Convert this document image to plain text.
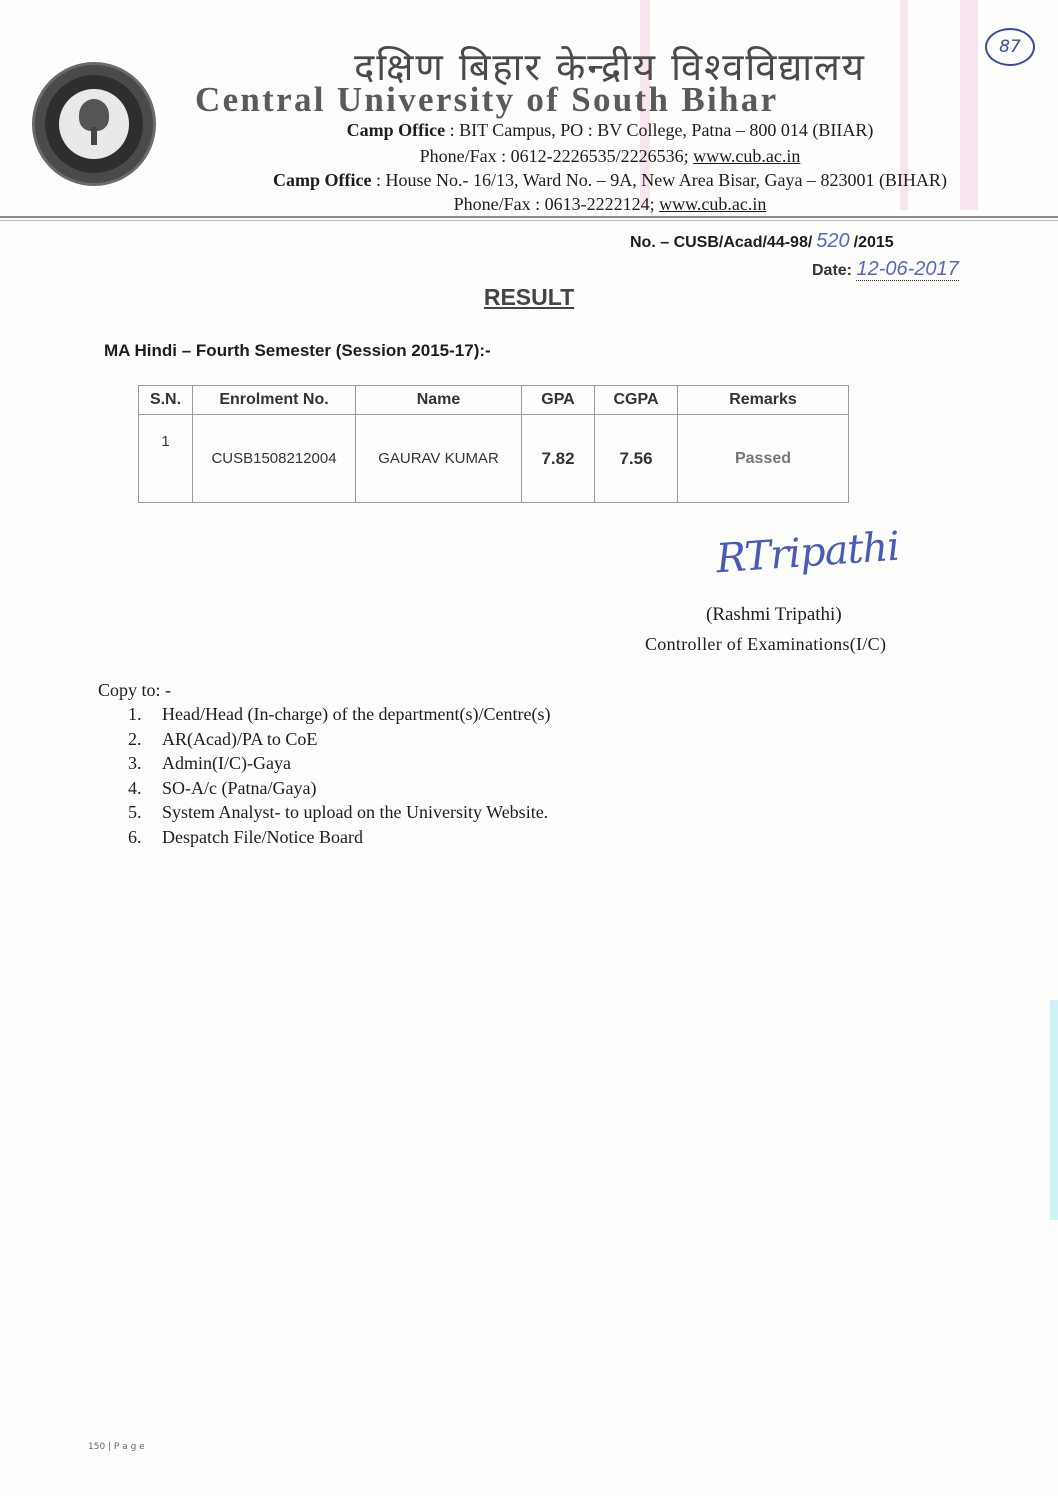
87
दक्षिण बिहार केन्द्रीय विश्वविद्यालय
Central University of South Bihar
Camp Office : BIT Campus, PO : BV College, Patna – 800 014 (BIIAR)
Phone/Fax : 0612-2226535/2226536; www.cub.ac.in
Camp Office : House No.- 16/13, Ward No. – 9A, New Area Bisar, Gaya – 823001 (BIHAR)
Phone/Fax : 0613-2222124; www.cub.ac.in
No. – CUSB/Acad/44-98/ 520 /2015
Date: 12-06-2017
RESULT
MA Hindi – Fourth Semester (Session 2015-17):-
S.N.	Enrolment No.	Name	GPA	CGPA	Remarks
1	CUSB1508212004	GAURAV KUMAR	7.82	7.56	Passed
RTripathi
(Rashmi Tripathi)
Controller of Examinations(I/C)
Copy to: -
1. Head/Head (In-charge) of the department(s)/Centre(s)
2. AR(Acad)/PA to CoE
3. Admin(I/C)-Gaya
4. SO-A/c (Patna/Gaya)
5. System Analyst- to upload on the University Website.
6. Despatch File/Notice Board
150 | P a g e
